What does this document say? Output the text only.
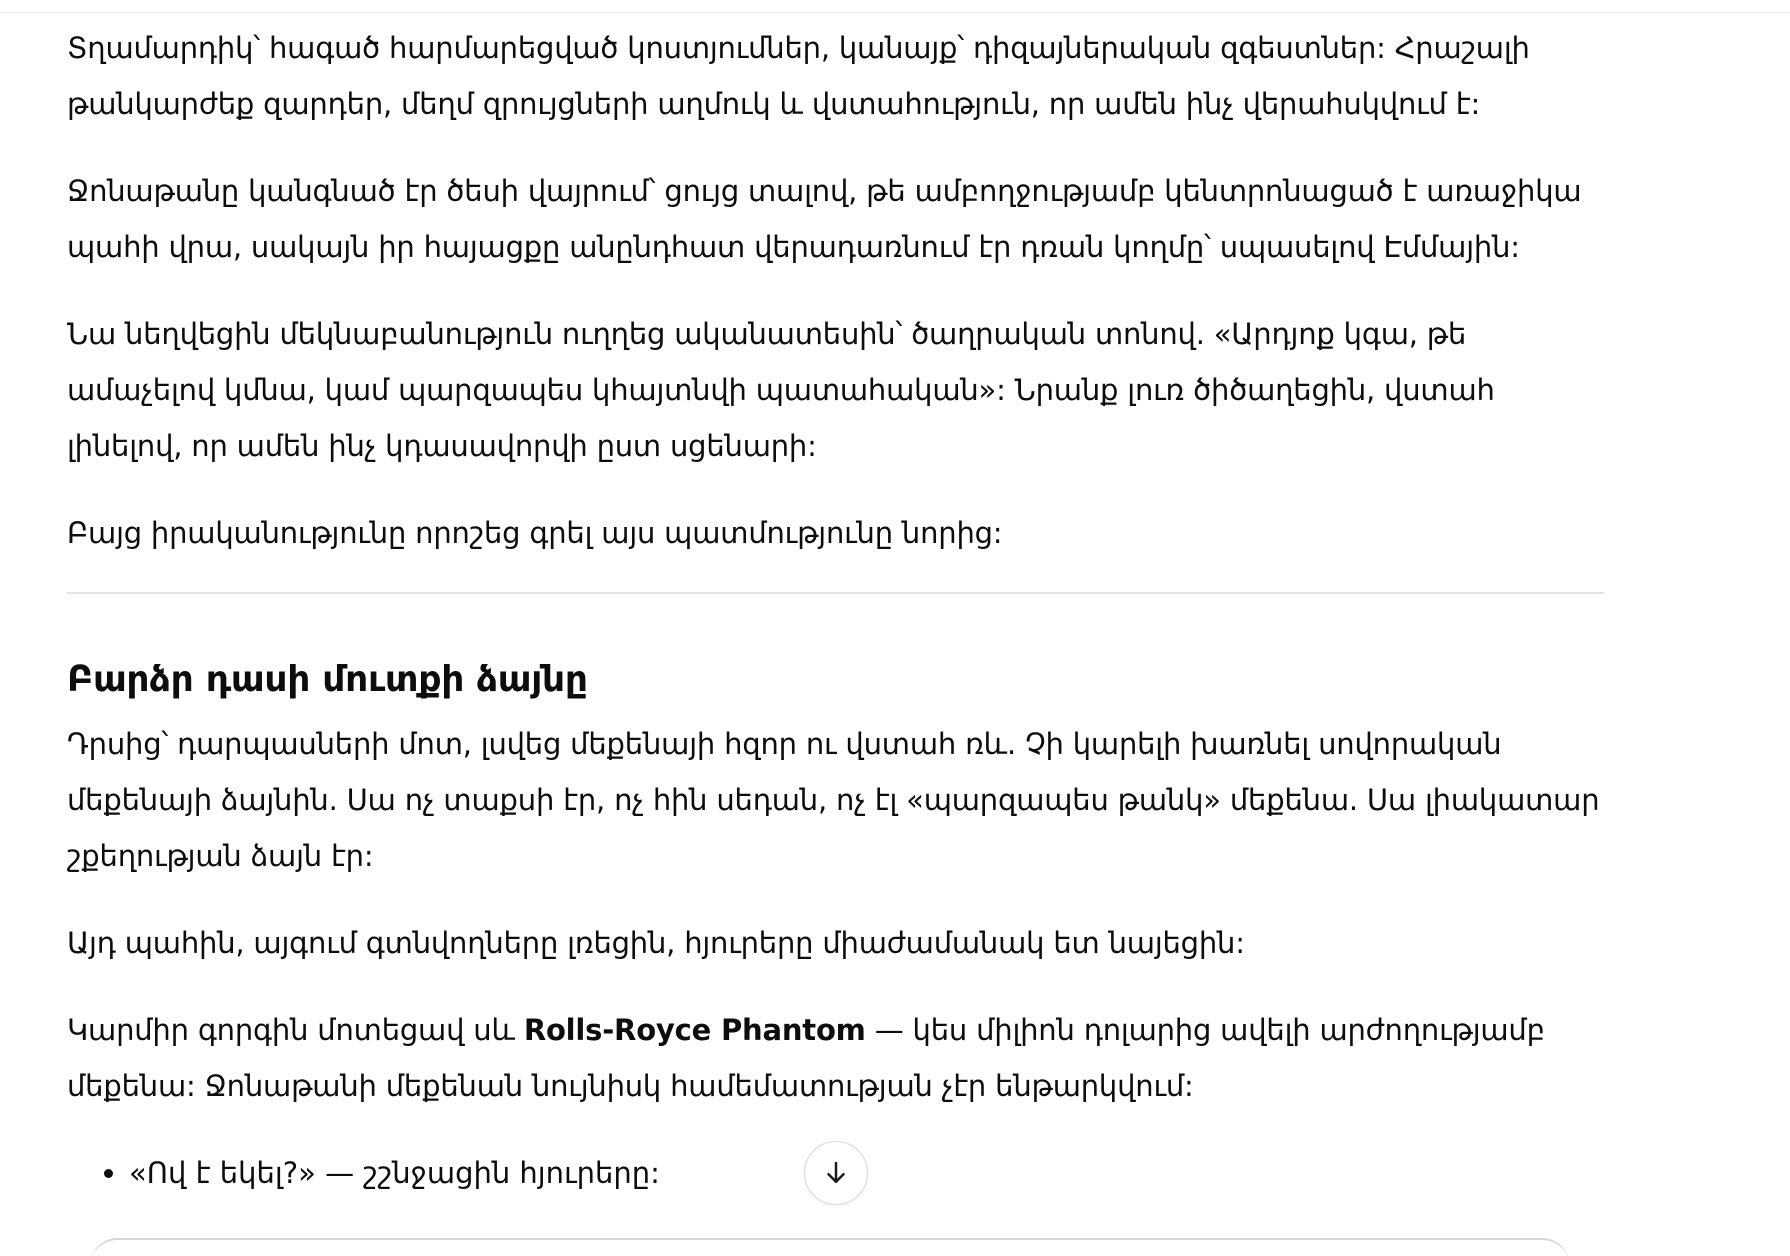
Տղամարդիկ՝ հագած հարմարեցված կոստյումներ, կանայք՝ դիզայներական զգեստներ: Հրաշալի թանկարժեք զարդեր, մեղմ զրույցների աղմուկ և վստահություն, որ ամեն ինչ վերահսկվում է:

Ջոնաթանը կանգնած էր ծեսի վայրում՝ ցույց տալով, թե ամբողջությամբ կենտրոնացած է առաջիկա պահի վրա, սակայն իր հայացքը անընդհատ վերադառնում էր դռան կողմը՝ սպասելով Էմմային:

Նա նեղվեցին մեկնաբանություն ուղղեց ականատեսին՝ ծաղրական տոնով. «Արդյոք կգա, թե ամաչելով կմնա, կամ պարզապես կհայտնվի պատահական»: Նրանք լուռ ծիծաղեցին, վստահ լինելով, որ ամեն ինչ կդասավորվի ըստ սցենարի:

Բայց իրականությունը որոշեց գրել այս պատմությունը նորից:

Բարձր դասի մուտքի ձայնը

Դրսից՝ դարպասների մոտ, լսվեց մեքենայի հզոր ու վստահ ռև. Չի կարելի խառնել սովորական մեքենայի ձայնին. Սա ոչ տաքսի էր, ոչ հին սեդան, ոչ էլ «պարզապես թանկ» մեքենա. Սա լիակատար շքեղության ձայն էր:

Այդ պահին, այգում գտնվողները լռեցին, հյուրերը միաժամանակ ետ նայեցին:

Կարմիր գորգին մոտեցավ սև Rolls-Royce Phantom — կես միլիոն դոլարից ավելի արժողությամբ մեքենա: Ջոնաթանի մեքենան նույնիսկ համեմատության չէր ենթարկվում:

• «Ով է եկել?» — շշնջացին հյուրերը:
